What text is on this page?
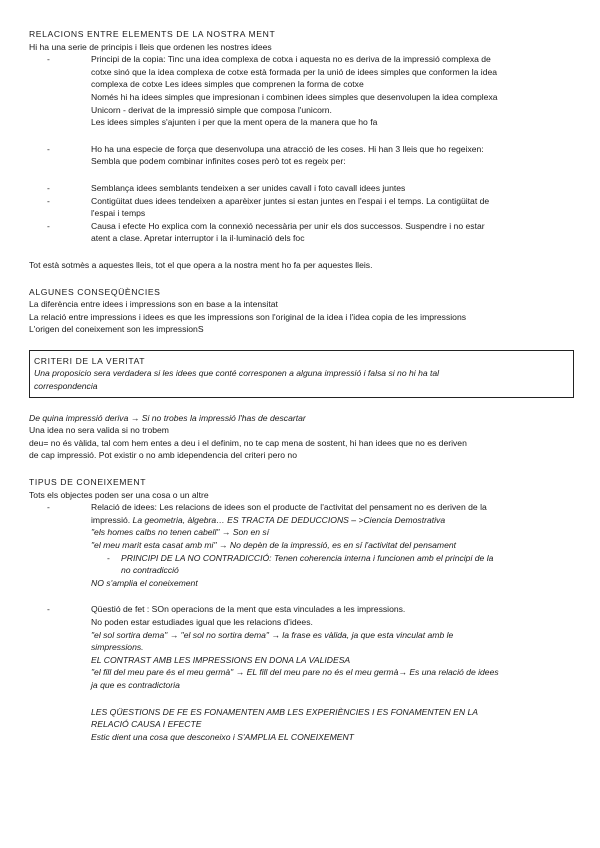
RELACIONS ENTRE ELEMENTS DE LA NOSTRA MENT

Hi ha una serie de principis i lleis que ordenen les nostres idees

-	Principi de la copia: Tinc una idea complexa de cotxa i aquesta no es deriva de la impressió complexa de

cotxe sinó que la idea complexa de cotxe està formada per la unió de idees simples que conformen la idea

complexa de cotxe Les idees simples que comprenen la forma de cotxe

Només hi ha idees simples que impresionan i combinen idees simples que desenvolupen la idea complexa

Unicorn - derivat de la impressió simple que composa l'unicorn.

Les idees simples s'ajunten i per que la ment opera de la manera que ho fa

-	Ho ha una especie de força que desenvolupa una atracció de les coses. Hi han 3 lleis que ho regeixen:

Sembla que podem combinar infinites coses però tot es regeix per:

-	Semblança idees semblants tendeixen a ser unides cavall i foto cavall idees juntes

-	Contigüitat dues idees tendeixen a aparèixer juntes si estan juntes en l'espai i el temps. La contigüitat de

l'espai i temps

-	Causa i efecte Ho explica com la connexió necessària per unir els dos successos. Suspendre i no estar

atent a clase. Apretar interruptor i la il·luminació dels foc

Tot està sotmès a aquestes lleis, tot el que opera a la nostra ment ho fa per aquestes lleis.

ALGUNES CONSEQÜÈNCIES

La diferència entre idees i impressions son en base a la intensitat

La relació entre impressions i idees es que les impressions son l'original de la idea i l'idea copia de les impressions

L'origen del coneixement son les impressionS

CRITERI DE LA VERITAT

Una proposicio sera verdadera si les idees que conté corresponen a alguna impressió i falsa si no hi ha tal

correspondencia

De quina impressió deriva → Si no trobes la impressió l'has de descartar

Una idea no sera valida si no trobem

deu= no és vàlida, tal com hem entes a deu i el definim, no te cap mena de sostent, hi han idees que no es deriven

de cap impressió. Pot existir o no amb idependencia del criteri pero no

TIPUS DE CONEIXEMENT

Tots els objectes poden ser una cosa o un altre

-	Relació de idees: Les relacions de idees son el producte de l'activitat del pensament no es deriven de la

impressió. La geometria, àlgebra… ES TRACTA DE DEDUCCIONS – >Ciencia Demostrativa

"els homes calbs no tenen cabell" → Son en sí

"el meu marit esta casat amb mi" → No depèn de la impressió, es en sí l'activitat del pensament

- PRINCIPI DE LA NO CONTRADICCIÓ: Tenen coherencia interna i funcionen amb el principi de la

no contradicció

NO s'amplia el coneixement

-	Qüestió de fet : SOn operacions de la ment que esta vinculades a les impressions.

No poden estar estudiades igual que les relacions d'idees.

"el sol sortira dema" → "el sol no sortira dema" → la frase es vàlida, ja que esta vinculat amb le

simpressions.

EL CONTRAST AMB LES IMPRESSIONS EN DONA LA VALIDESA

"el fill del meu pare és el meu germà" → EL fill del meu pare no és el meu germà→ Es una relació de idees

ja que es contradictoria

LES QÜESTIONS DE FE ES FONAMENTEN AMB LES EXPERIÈNCIES I ES FONAMENTEN EN LA

RELACIÓ CAUSA I EFECTE

Estic dient una cosa que desconeixo i S'AMPLIA EL CONEIXEMENT
